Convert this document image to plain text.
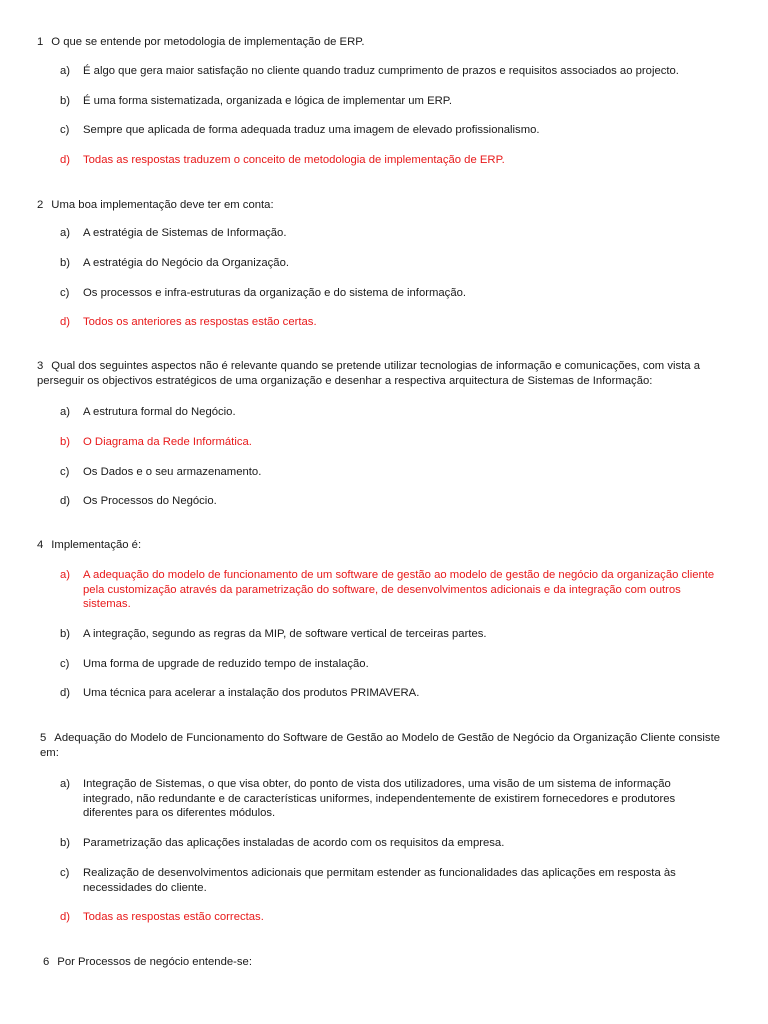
1 O que se entende por metodologia de implementação de ERP.
a)	É algo que gera maior satisfação no cliente quando traduz cumprimento de prazos e requisitos associados ao projecto.
b)	É uma forma sistematizada, organizada e lógica de implementar um ERP.
c)	Sempre que aplicada de forma adequada traduz uma imagem de elevado profissionalismo.
d)	Todas as respostas traduzem o conceito de metodologia de implementação de ERP.
2 Uma boa implementação deve ter em conta:
a)	A estratégia de Sistemas de Informação.
b)	A estratégia do Negócio da Organização.
c)	Os processos e infra-estruturas da organização e do sistema de informação.
d)	Todos os anteriores as respostas estão certas.
3 Qual dos seguintes aspectos não é relevante quando se pretende utilizar tecnologias de informação e comunicações, com vista a perseguir os objectivos estratégicos de uma organização e desenhar a respectiva arquitectura de Sistemas de Informação:
a)	A estrutura formal do Negócio.
b)	O Diagrama da Rede Informática.
c)	Os Dados e o seu armazenamento.
d)	Os Processos do Negócio.
4 Implementação é:
a)	A adequação do modelo de funcionamento de um software de gestão ao modelo de gestão de negócio da organização cliente pela customização através da parametrização do software, de desenvolvimentos adicionais e da integração com outros sistemas.
b)	A integração, segundo as regras da MIP, de software vertical de terceiras partes.
c)	Uma forma de upgrade de reduzido tempo de instalação.
d)	Uma técnica para acelerar a instalação dos produtos PRIMAVERA.
5 Adequação do Modelo de Funcionamento do Software de Gestão ao Modelo de Gestão de Negócio da Organização Cliente consiste em:
a)	Integração de Sistemas, o que visa obter, do ponto de vista dos utilizadores, uma visão de um sistema de informação integrado, não redundante e de características uniformes, independentemente de existirem fornecedores e produtores diferentes para os diferentes módulos.
b)	Parametrização das aplicações instaladas de acordo com os requisitos da empresa.
c)	Realização de desenvolvimentos adicionais que permitam estender as funcionalidades das aplicações em resposta às necessidades do cliente.
d)	Todas as respostas estão correctas.
6 Por Processos de negócio entende-se:
